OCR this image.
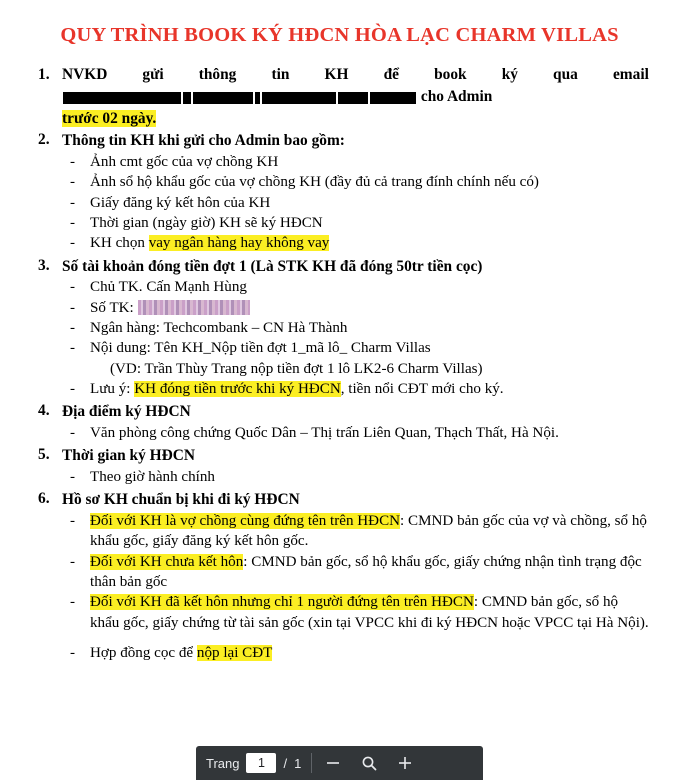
QUY TRÌNH BOOK KÝ HĐCN HÒA LẠC CHARM VILLAS
1. NVKD gửi thông tin KH để book ký qua email
cho Admin
trước 02 ngày.
2. Thông tin KH khi gửi cho Admin bao gồm:
- Ảnh cmt gốc của vợ chồng KH
- Ảnh sổ hộ khẩu gốc của vợ chồng KH (đầy đủ cả trang đính chính nếu có)
- Giấy đăng ký kết hôn của KH
- Thời gian (ngày giờ) KH sẽ ký HĐCN
- KH chọn vay ngân hàng hay không vay
3. Số tài khoản đóng tiền đợt 1 (Là STK KH đã đóng 50tr tiền cọc)
- Chủ TK. Cấn Mạnh Hùng
- Số TK:
- Ngân hàng: Techcombank – CN Hà Thành
- Nội dung: Tên KH_Nộp tiền đợt 1_mã lô_ Charm Villas
(VD: Trần Thùy Trang nộp tiền đợt 1 lô LK2-6 Charm Villas)
- Lưu ý: KH đóng tiền trước khi ký HĐCN, tiền nổi CĐT mới cho ký.
4. Địa điểm ký HĐCN
- Văn phòng công chứng Quốc Dân – Thị trấn Liên Quan, Thạch Thất, Hà Nội.
5. Thời gian ký HĐCN
- Theo giờ hành chính
6. Hồ sơ KH chuẩn bị khi đi ký HĐCN
- Đối với KH là vợ chồng cùng đứng tên trên HĐCN: CMND bản gốc của vợ và chồng, sổ hộ khẩu gốc, giấy đăng ký kết hôn gốc.
- Đối với KH chưa kết hôn: CMND bản gốc, sổ hộ khẩu gốc, giấy chứng nhận tình trạng độc thân bản gốc
- Đối với KH đã kết hôn nhưng chỉ 1 người đứng tên trên HĐCN: CMND bản gốc, sổ hộ khẩu gốc, giấy chứng từ tài sản gốc (xin tại VPCC khi đi ký HĐCN hoặc VPCC tại Hà Nội).
- Hợp đồng cọc để nộp lại CĐT
Trang	1	/ 1
